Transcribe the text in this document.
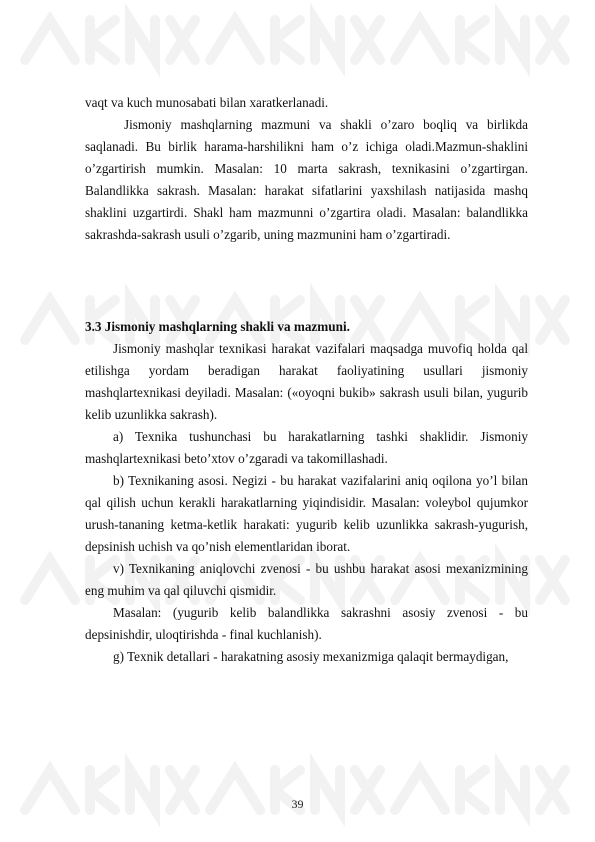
vaqt va kuch munosabati bilan xaratkerlanadi.

Jismoniy mashqlarning mazmuni va shakli o’zaro boqliq va birlikda saqlanadi. Bu birlik harama-harshilikni ham o’z ichiga oladi.Mazmun-shaklini o’zgartirish mumkin. Masalan: 10 marta sakrash, texnikasini o’zgartirgan. Balandlikka sakrash. Masalan: harakat sifatlarini yaxshilash natijasida mashq shaklini uzgartirdi. Shakl ham mazmunni o’zgartira oladi. Masalan: balandlikka sakrashda-sakrash usuli o’zgarib, uning mazmunini ham o’zgartiradi.

3.3 Jismoniy mashqlarning shakli va mazmuni.

Jismoniy mashqlar texnikasi harakat vazifalari maqsadga muvofiq holda qal etilishga yordam beradigan harakat faoliyatining usullari jismoniy mashqlartexnikasi deyiladi. Masalan: («oyoqni bukib» sakrash usuli bilan, yugurib kelib uzunlikka sakrash).

a) Texnika tushunchasi bu harakatlarning tashki shaklidir. Jismoniy mashqlartexnikasi beto’xtov o’zgaradi va takomillashadi.

b) Texnikaning asosi. Negizi - bu harakat vazifalarini aniq oqilona yo’l bilan qal qilish uchun kerakli harakatlarning yiqindisidir. Masalan: voleybol qujumkor urush-tananing ketma-ketlik harakati: yugurib kelib uzunlikka sakrash-yugurish, depsinish uchish va qo’nish elementlaridan iborat.

v) Texnikaning aniqlovchi zvenosi - bu ushbu harakat asosi mexanizmining eng muhim va qal qiluvchi qismidir.

Masalan: (yugurib kelib balandlikka sakrashni asosiy zvenosi - bu depsinishdir, uloqtirishda - final kuchlanish).

g) Texnik detallari - harakatning asosiy mexanizmiga qalaqit bermaydigan,

39
